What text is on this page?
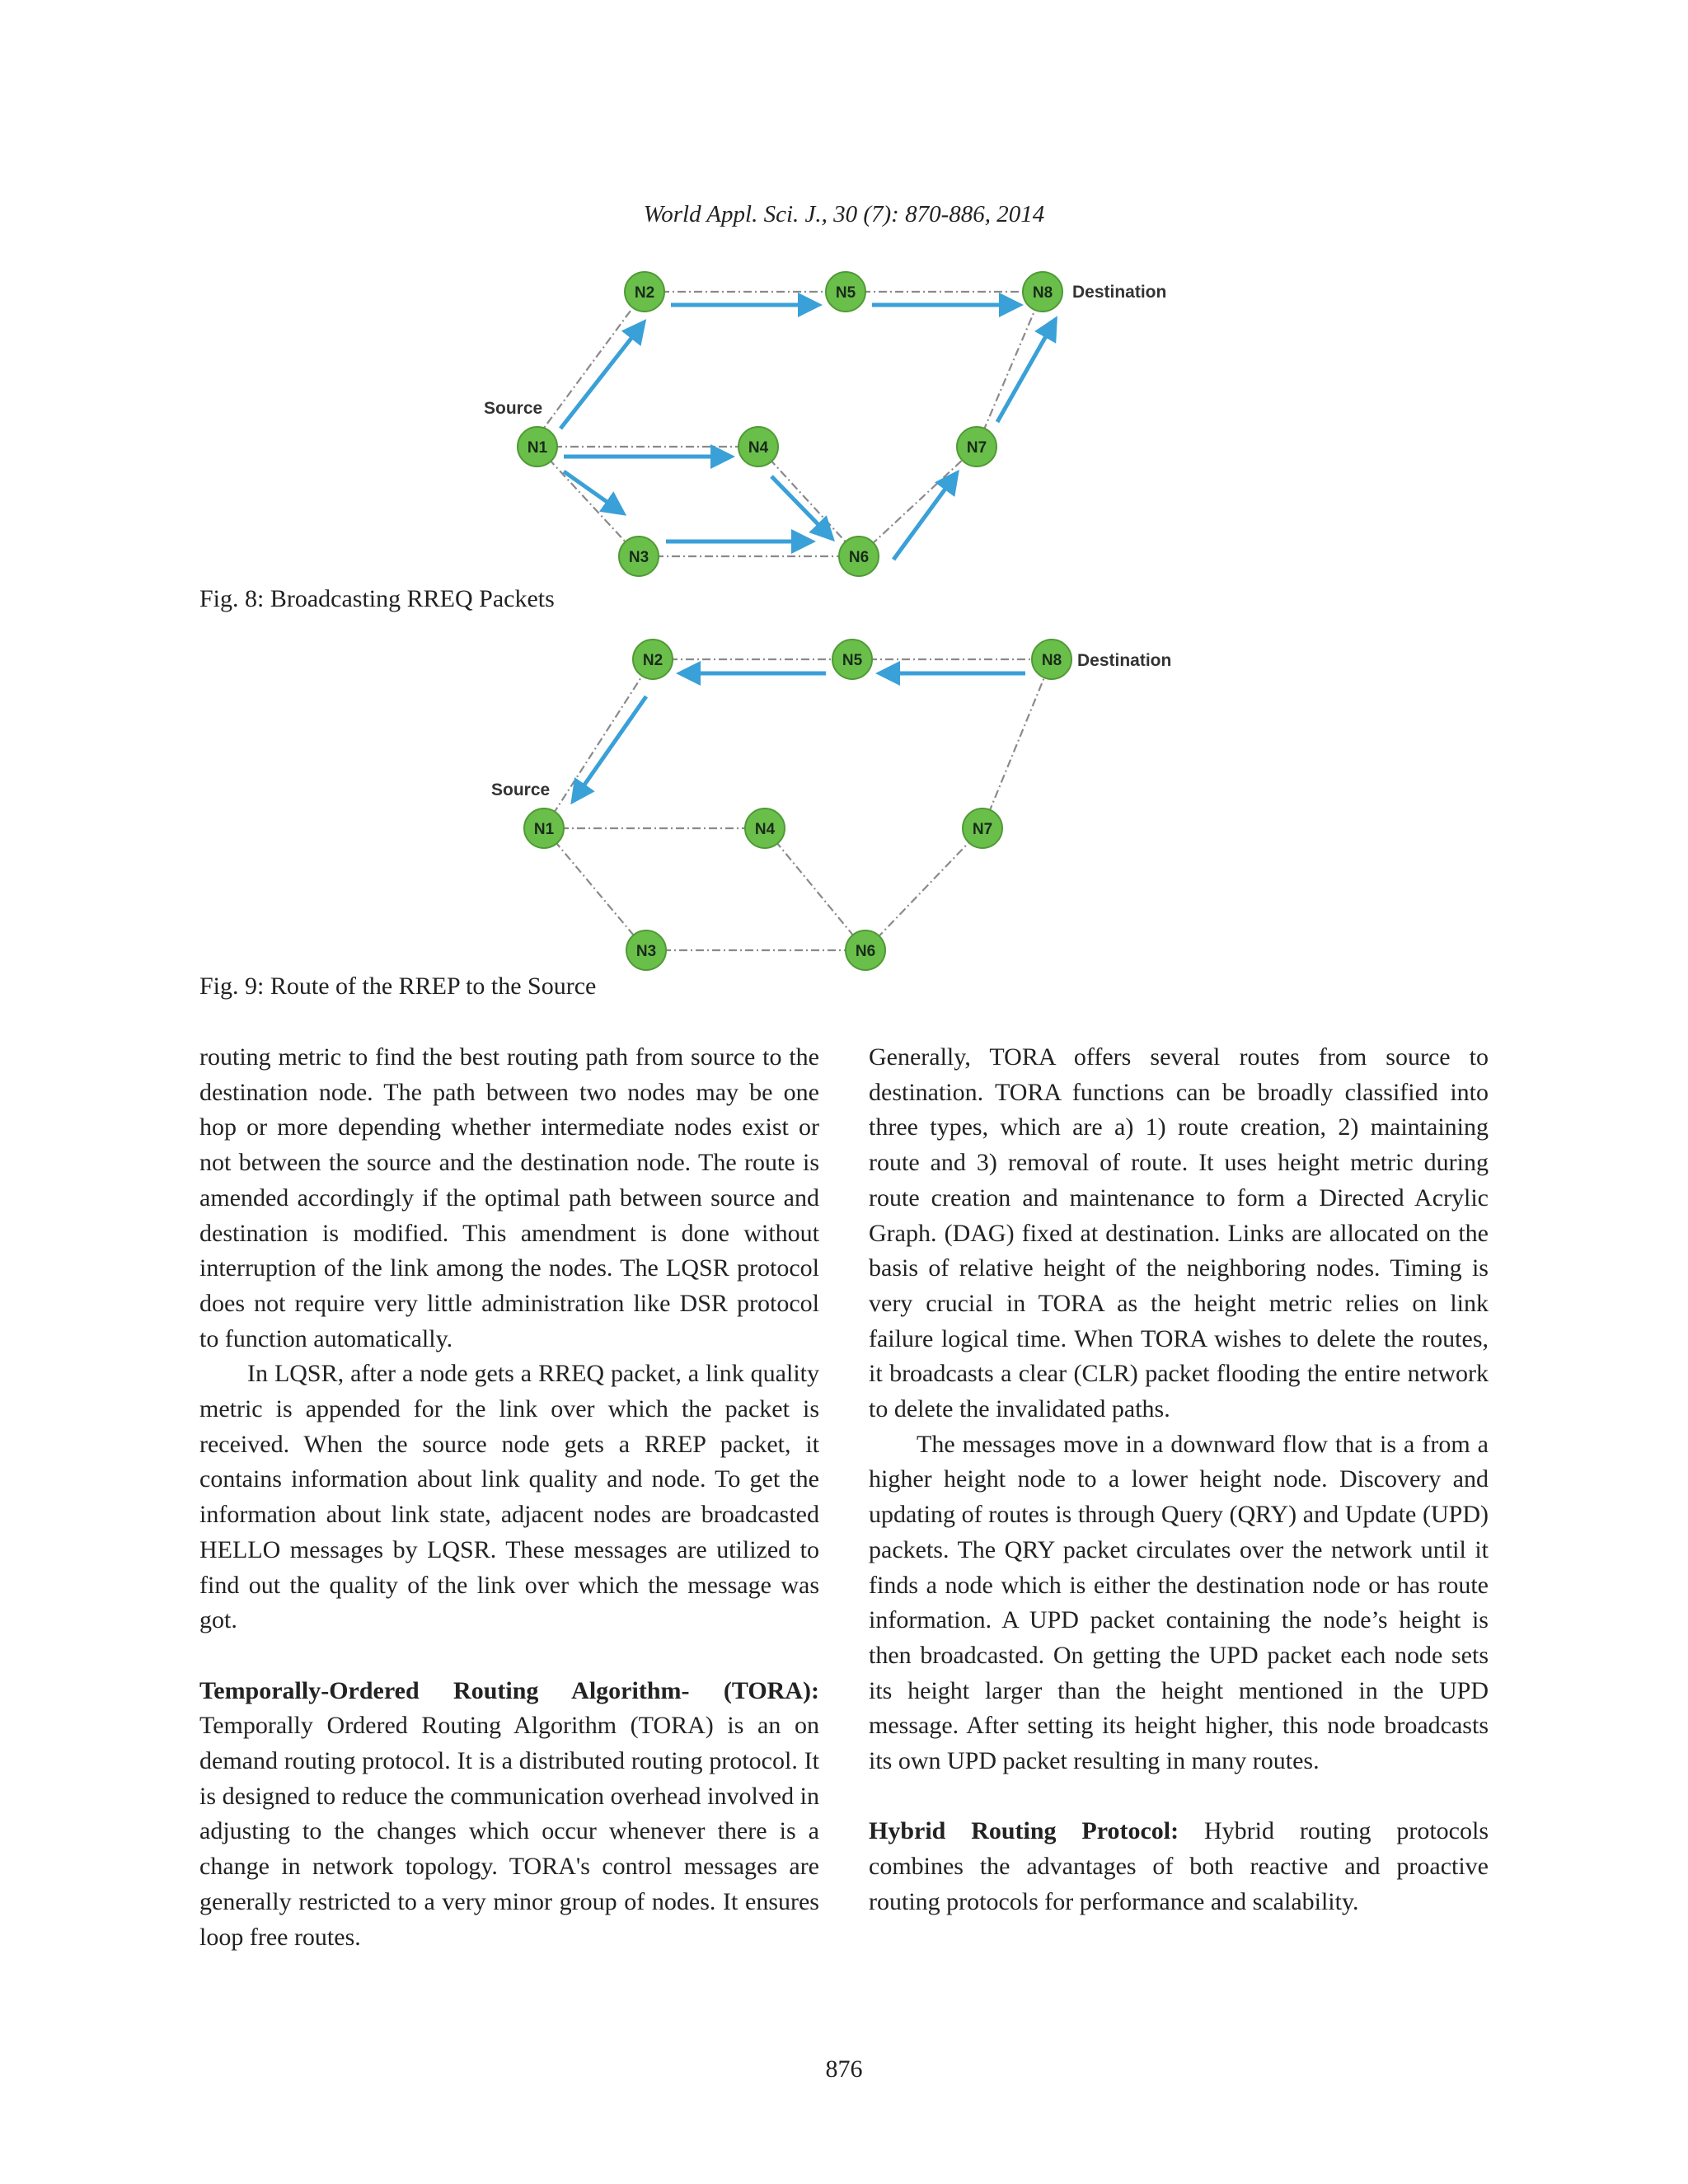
World Appl. Sci. J., 30 (7): 870-886, 2014
N1
N2
N3
N4
N5
N6
N7
N8
Source
Destination
Fig. 8: Broadcasting RREQ Packets
N1
N2
N3
N4
N5
N6
N7
N8
Source
Destination
Fig. 9: Route of the RREP to the Source

routing metric to find the best routing path from source to the destination node. The path between two nodes may be one hop or more depending whether intermediate nodes exist or not between the source and the destination node. The route is amended accordingly if the optimal path between source and destination is modified. This amendment is done without interruption of the link among the nodes. The LQSR protocol does not require very little administration like DSR protocol to function automatically.

In LQSR, after a node gets a RREQ packet, a link quality metric is appended for the link over which the packet is received. When the source node gets a RREP packet, it contains information about link quality and node. To get the information about link state, adjacent nodes are broadcasted HELLO messages by LQSR. These messages are utilized to find out the quality of the link over which the message was got.

Temporally-Ordered Routing Algorithm- (TORA): Temporally Ordered Routing Algorithm (TORA) is an on demand routing protocol. It is a distributed routing protocol. It is designed to reduce the communication overhead involved in adjusting to the changes which occur whenever there is a change in network topology. TORA's control messages are generally restricted to a very minor group of nodes. It ensures loop free routes.

Generally, TORA offers several routes from source to destination. TORA functions can be broadly classified into three types, which are a) 1) route creation, 2) maintaining route and 3) removal of route. It uses height metric during route creation and maintenance to form a Directed Acrylic Graph. (DAG) fixed at destination. Links are allocated on the basis of relative height of the neighboring nodes. Timing is very crucial in TORA as the height metric relies on link failure logical time. When TORA wishes to delete the routes, it broadcasts a clear (CLR) packet flooding the entire network to delete the invalidated paths.

The messages move in a downward flow that is a from a higher height node to a lower height node. Discovery and updating of routes is through Query (QRY) and Update (UPD) packets. The QRY packet circulates over the network until it finds a node which is either the destination node or has route information. A UPD packet containing the node’s height is then broadcasted. On getting the UPD packet each node sets its height larger than the height mentioned in the UPD message. After setting its height higher, this node broadcasts its own UPD packet resulting in many routes.

Hybrid Routing Protocol: Hybrid routing protocols combines the advantages of both reactive and proactive routing protocols for performance and scalability.

876
